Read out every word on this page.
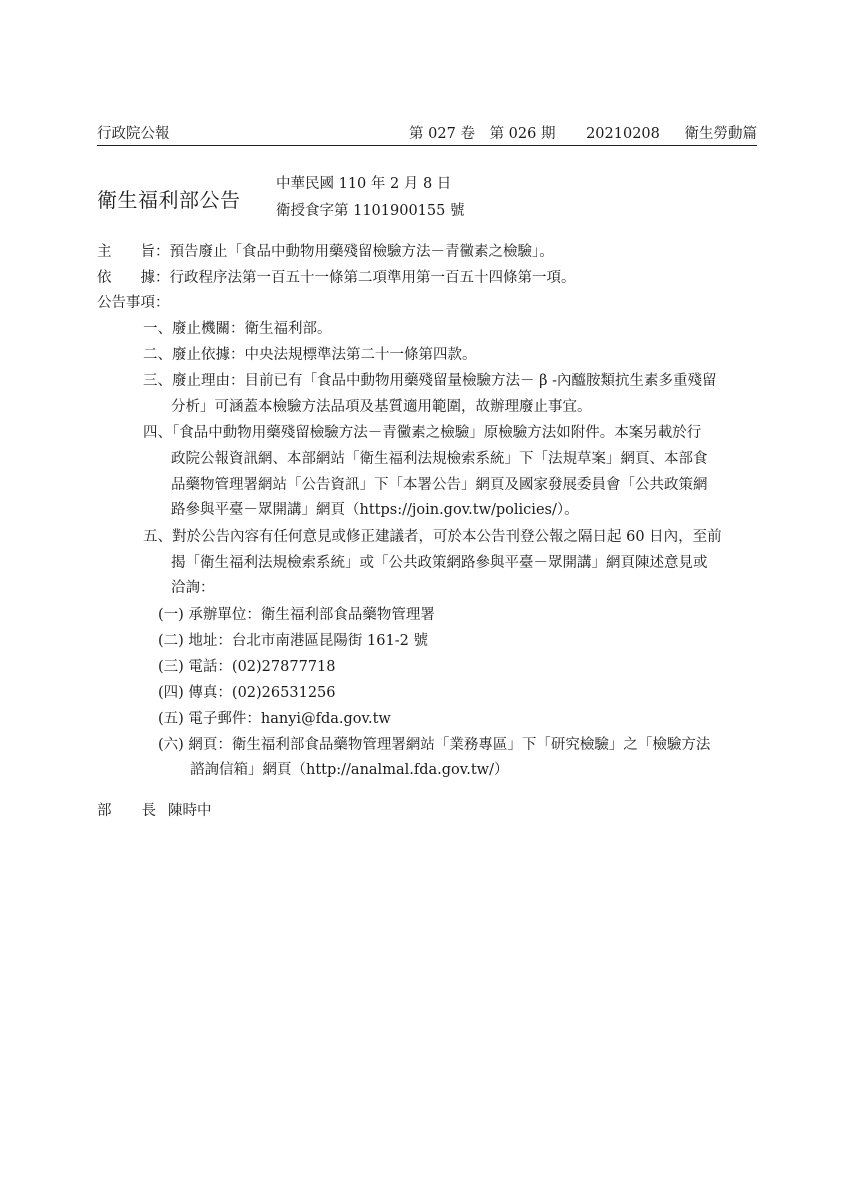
行政院公報	第 027 卷 第 026 期 20210208 衛生勞動篇
衛生福利部公告
中華民國 110 年 2 月 8 日
衛授食字第 1101900155 號
主 旨：預告廢止「食品中動物用藥殘留檢驗方法－青黴素之檢驗」。
依 據：行政程序法第一百五十一條第二項準用第一百五十四條第一項。
公告事項：
一、廢止機關：衛生福利部。
二、廢止依據：中央法規標準法第二十一條第四款。
三、廢止理由：目前已有「食品中動物用藥殘留量檢驗方法－ β -內醯胺類抗生素多重殘留
分析」可涵蓋本檢驗方法品項及基質適用範圍，故辦理廢止事宜。
四、「食品中動物用藥殘留檢驗方法－青黴素之檢驗」原檢驗方法如附件。本案另載於行
政院公報資訊網、本部網站「衛生福利法規檢索系統」下「法規草案」網頁、本部食
品藥物管理署網站「公告資訊」下「本署公告」網頁及國家發展委員會「公共政策網
路參與平臺－眾開講」網頁（https://join.gov.tw/policies/）。
五、對於公告內容有任何意見或修正建議者，可於本公告刊登公報之隔日起 60 日內，至前
揭「衛生福利法規檢索系統」或「公共政策網路參與平臺－眾開講」網頁陳述意見或
洽詢：
(一) 承辦單位：衛生福利部食品藥物管理署
(二) 地址：台北市南港區昆陽街 161-2 號
(三) 電話：(02)27877718
(四) 傳真：(02)26531256
(五) 電子郵件：hanyi@fda.gov.tw
(六) 網頁：衛生福利部食品藥物管理署網站「業務專區」下「研究檢驗」之「檢驗方法
諮詢信箱」網頁（http://analmal.fda.gov.tw/）
部 長 陳時中
